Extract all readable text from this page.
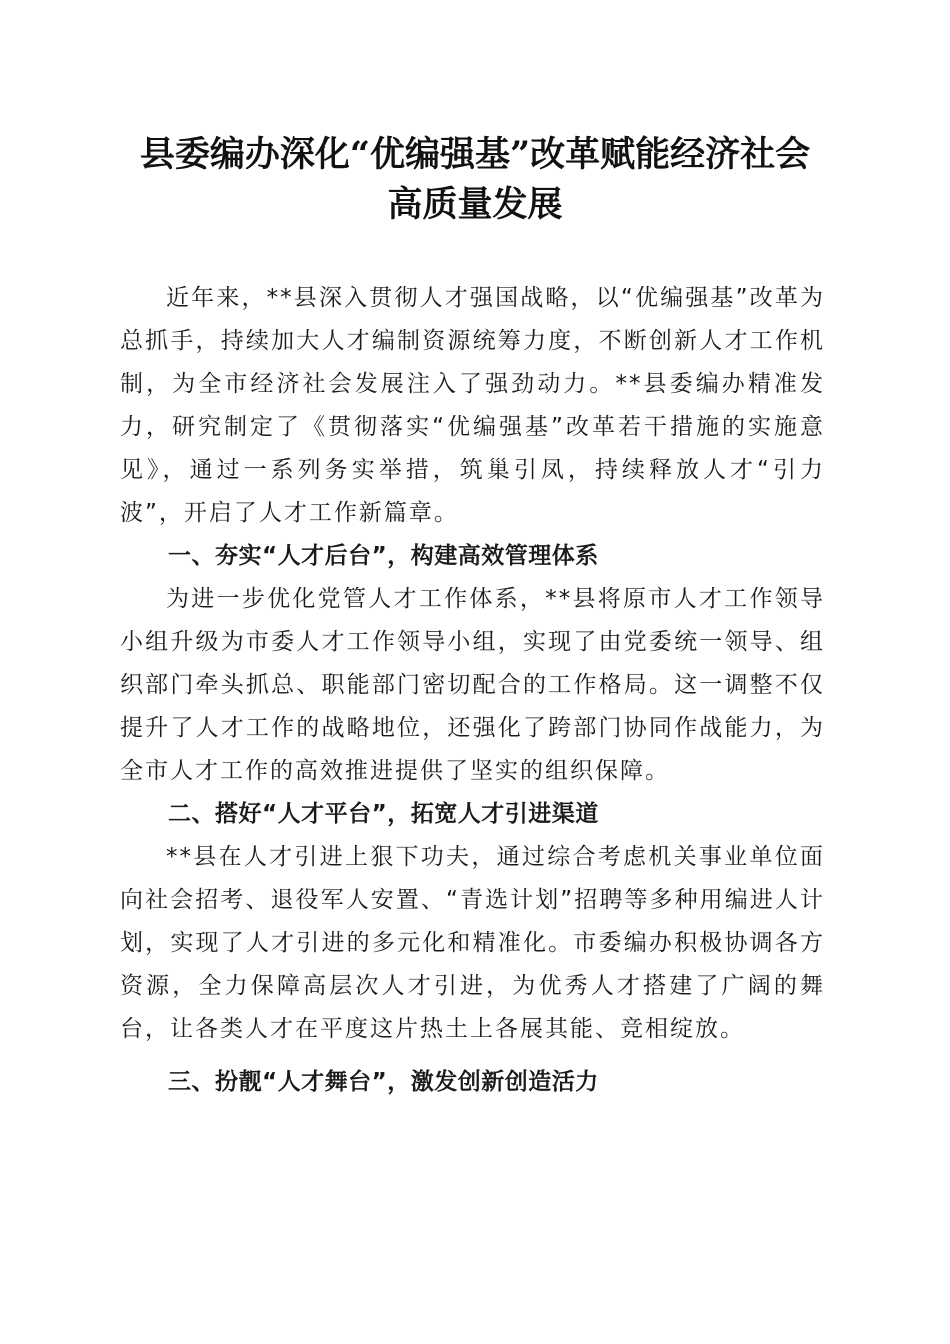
县委编办深化“优编强基”改革赋能经济社会
高质量发展

近年来，**县深入贯彻人才强国战略，以“优编强基”改革为总抓手，持续加大人才编制资源统筹力度，不断创新人才工作机制，为全市经济社会发展注入了强劲动力。**县委编办精准发力，研究制定了《贯彻落实“优编强基”改革若干措施的实施意见》，通过一系列务实举措，筑巢引凤，持续释放人才“引力波”，开启了人才工作新篇章。

一、夯实“人才后台”，构建高效管理体系

为进一步优化党管人才工作体系，**县将原市人才工作领导小组升级为市委人才工作领导小组，实现了由党委统一领导、组织部门牵头抓总、职能部门密切配合的工作格局。这一调整不仅提升了人才工作的战略地位，还强化了跨部门协同作战能力，为全市人才工作的高效推进提供了坚实的组织保障。

二、搭好“人才平台”，拓宽人才引进渠道

**县在人才引进上狠下功夫，通过综合考虑机关事业单位面向社会招考、退役军人安置、“青选计划”招聘等多种用编进人计划，实现了人才引进的多元化和精准化。市委编办积极协调各方资源，全力保障高层次人才引进，为优秀人才搭建了广阔的舞台，让各类人才在平度这片热土上各展其能、竞相绽放。

三、扮靓“人才舞台”，激发创新创造活力
